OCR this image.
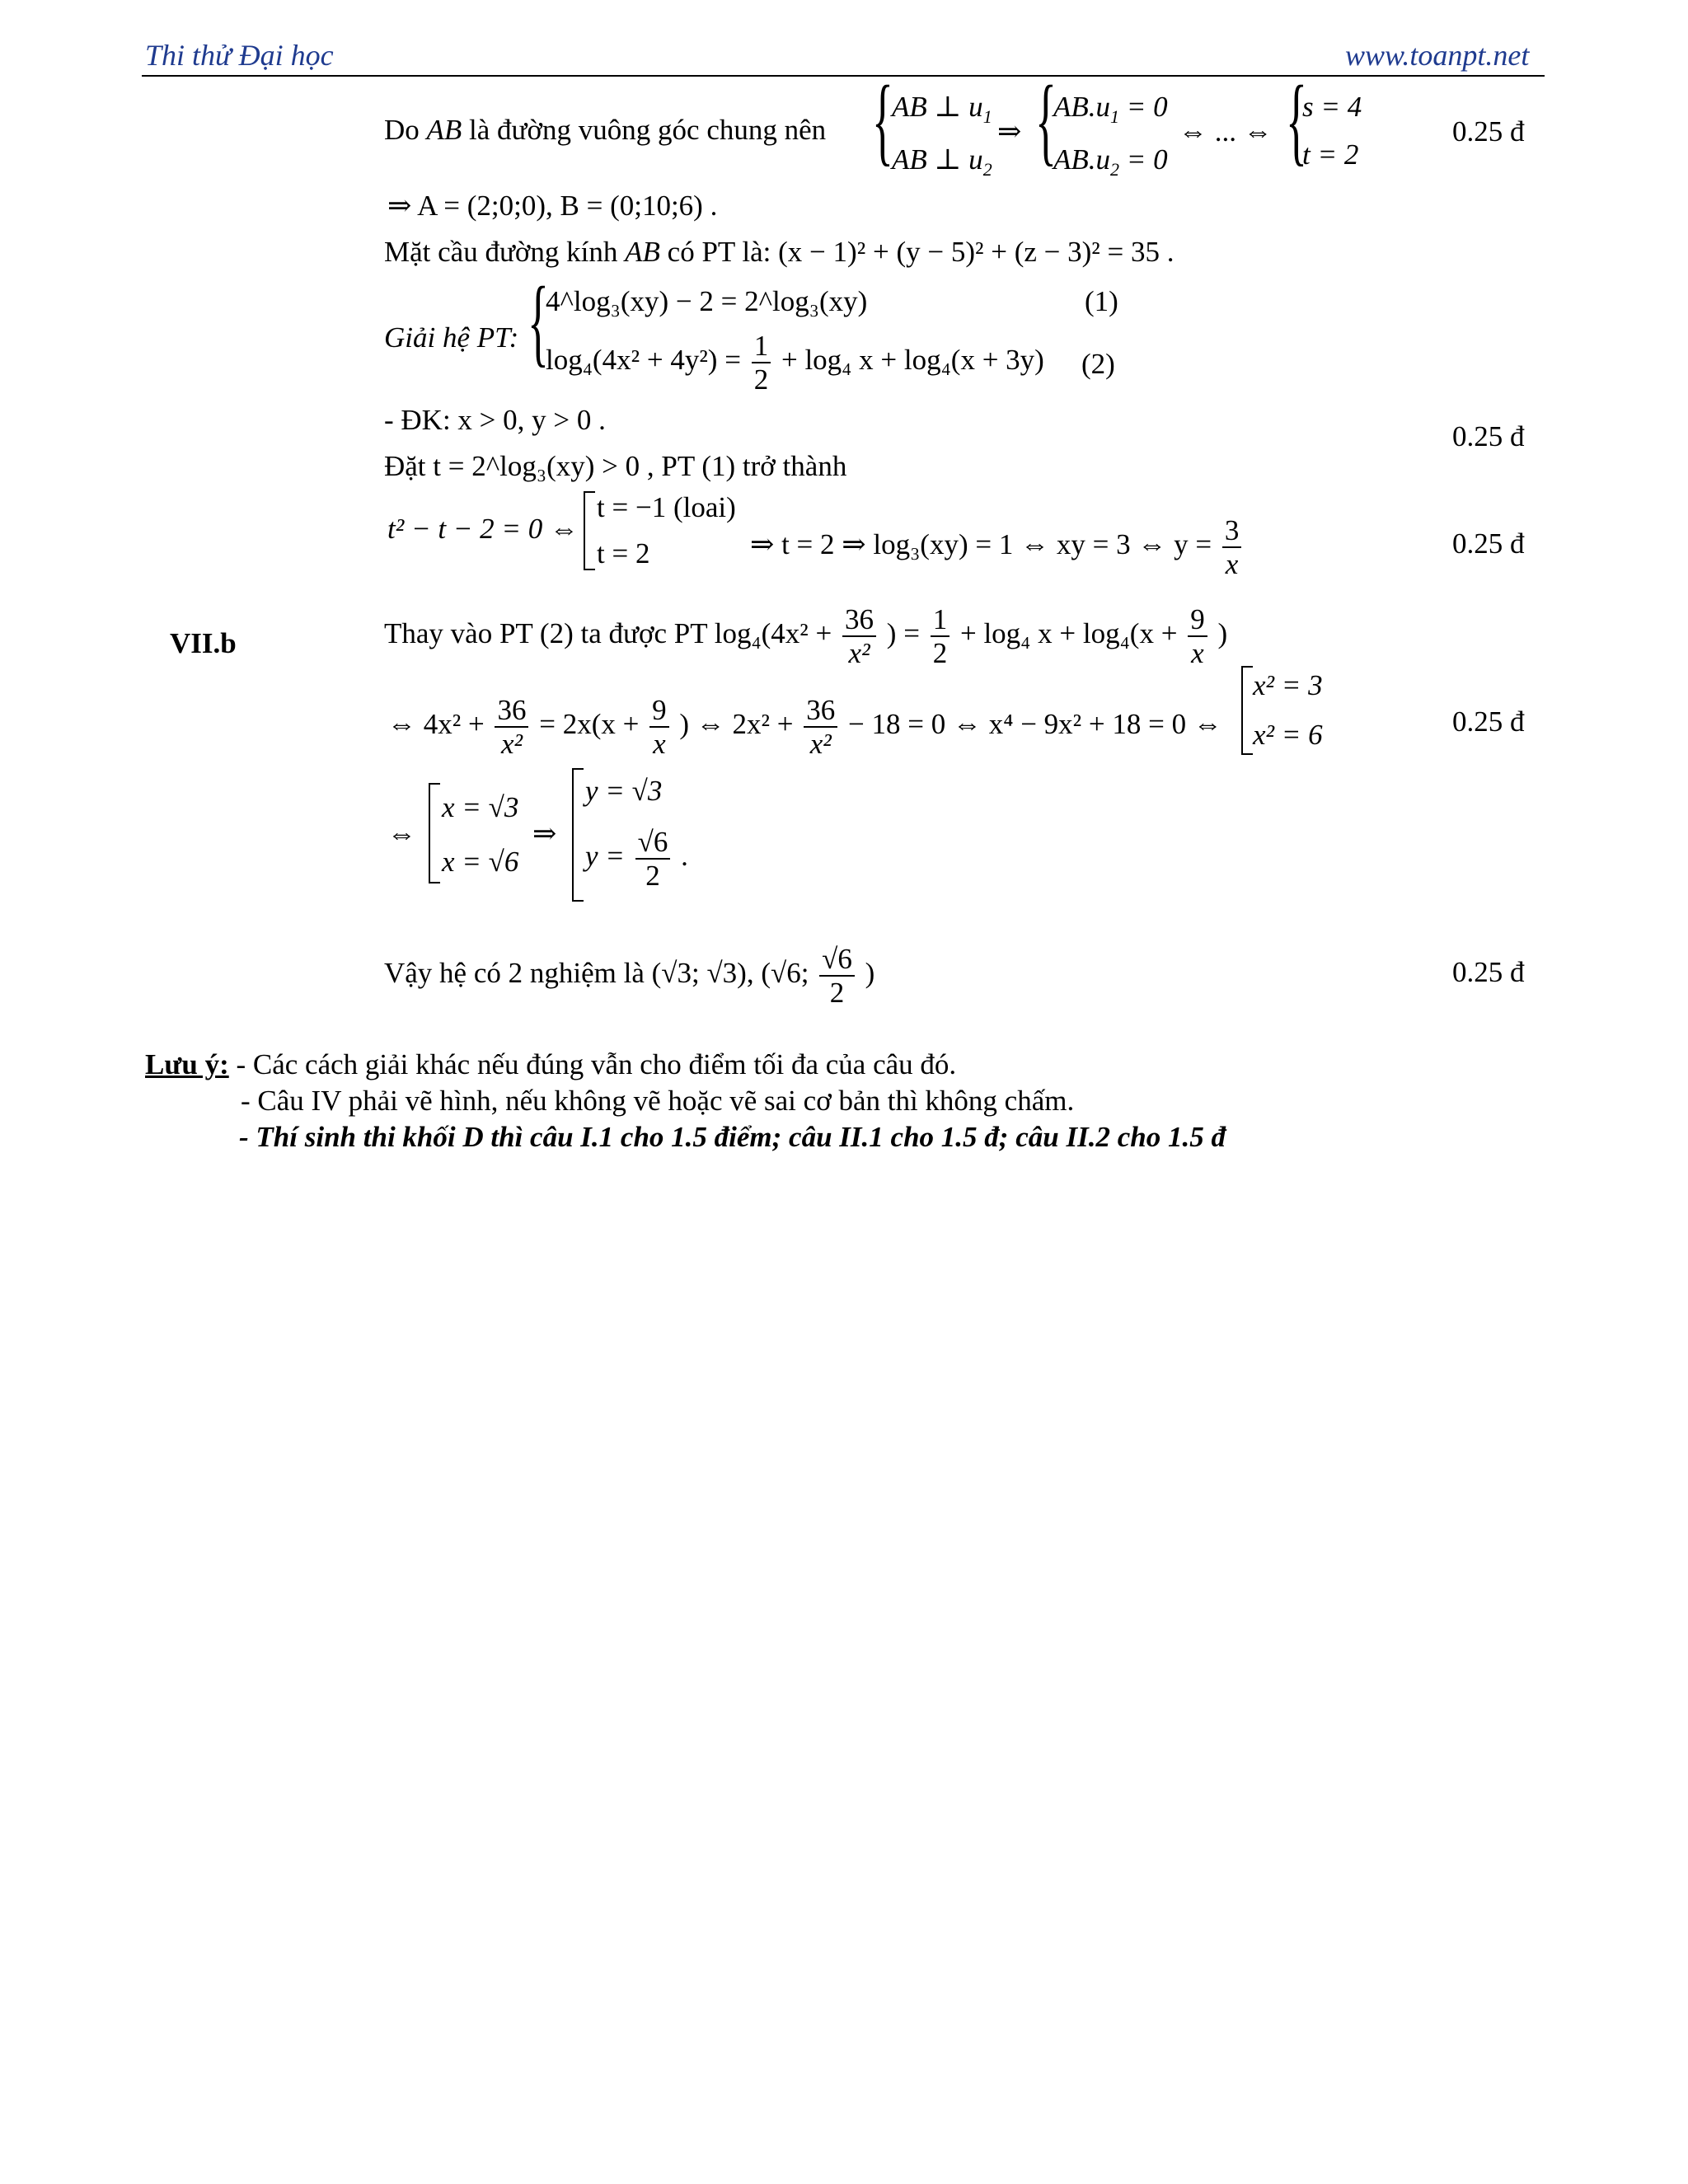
Thi thử Đại học	www.toanpt.net
VII.b
Do AB là đường vuông góc chung nên {
AB ⊥ $u_1$
AB ⊥ $u_2$
⇒ {
$AB.u_1 = 0$
$AB.u_2 = 0$
⇔ ... ⇔ {
s = 4
t = 2
0.25 đ
⇒ A = (2;0;0), B = (0;10;6) .
Mặt cầu đường kính AB có PT là: (x − 1)² + (y − 5)² + (z − 3)² = 35 .
Giải hệ PT: {
4^log₃(xy) − 2 = 2^log₃(xy)	(1)
$\log_4(4x^2 + 4y^2) = \frac{1}{2} + \log_4$ x + log₄(x + 3y) (2)
- ĐK: x > 0, y > 0 .
0.25 đ
Đặt t = 2^log₃(xy) > 0 , PT (1) trở thành
t² − t − 2 = 0 ⇔
t = −1 (loai)
t = 2	⇒ t = 2 ⇒ log₃(xy) = 1 ⇔ xy = 3 ⇔ $y = \frac{3}{x}$	0.25 đ
Thay vào PT (2) ta được PT $\log_4(4x^2 + \frac{36}{\text{x²}}$ ) = $\frac{1}{2} + \log_4$ $x + \log_4(x + \frac{9}{x}$ )
⇔ $4x^2 + \frac{36}{\text{x²}} = 2x(x + \frac{9}{x}$ ) ⇔ $2x^2 + \frac{36}{\text{x²}} - 18 = 0$ ⇔ x⁴ − 9x² + 18 = 0 ⇔
x² = 3
x² = 6	0.25 đ
⇔
x = √3
x = √6
⇒
y = √3
$y = \frac{√6}{2}$ .
Vậy hệ có 2 nghiệm là (√3; √3), (√6; $\frac{√6}{2}$ )	0.25 đ
Lưu ý: - Các cách giải khác nếu đúng vẫn cho điểm tối đa của câu đó.
- Câu IV phải vẽ hình, nếu không vẽ hoặc vẽ sai cơ bản thì không chấm.
- Thí sinh thi khối D thì câu I.1 cho 1.5 điểm; câu II.1 cho 1.5 đ; câu II.2 cho 1.5 đ
